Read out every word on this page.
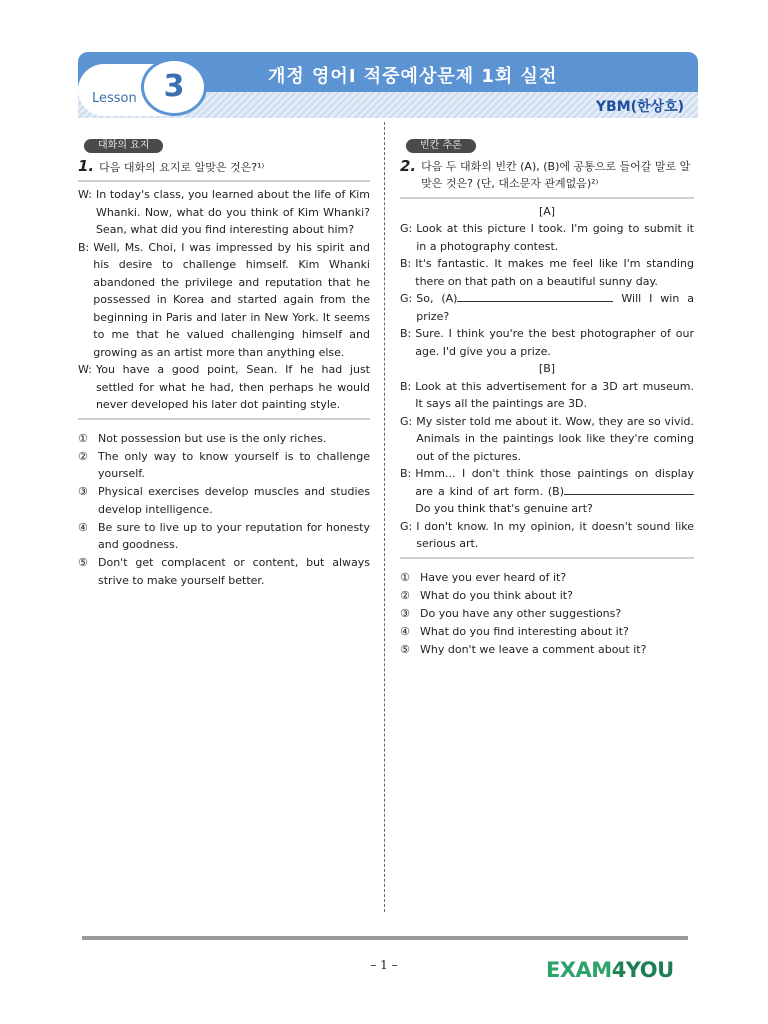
Lesson 3	개정 영어Ⅰ 적중예상문제 1회 실전
YBM(한상호)
대화의 요지
1. 다음 대화의 요지로 알맞은 것은?¹⁾
W: In today's class, you learned about the life of Kim Whanki. Now, what do you think of Kim Whanki? Sean, what did you find interesting about him?
B: Well, Ms. Choi, I was impressed by his spirit and his desire to challenge himself. Kim Whanki abandoned the privilege and reputation that he possessed in Korea and started again from the beginning in Paris and later in New York. It seems to me that he valued challenging himself and growing as an artist more than anything else.
W: You have a good point, Sean. If he had just settled for what he had, then perhaps he would never developed his later dot painting style.
① Not possession but use is the only riches.
② The only way to know yourself is to challenge yourself.
③ Physical exercises develop muscles and studies develop intelligence.
④ Be sure to live up to your reputation for honesty and goodness.
⑤ Don't get complacent or content, but always strive to make yourself better.
빈칸 추론
2. 다음 두 대화의 빈칸 (A), (B)에 공통으로 들어갈 말로 알맞은 것은? (단, 대소문자 관계없음)²⁾
[A]
G: Look at this picture I took. I'm going to submit it in a photography contest.
B: It's fantastic. It makes me feel like I'm standing there on that path on a beautiful sunny day.
G: So, (A)	Will I win a prize?
B: Sure. I think you're the best photographer of our age. I'd give you a prize.
[B]
B: Look at this advertisement for a 3D art museum. It says all the paintings are 3D.
G: My sister told me about it. Wow, they are so vivid. Animals in the paintings look like they're coming out of the pictures.
B: Hmm... I don't think those paintings on display are a kind of art form. (B) Do you think that's genuine art?
G: I don't know. In my opinion, it doesn't sound like serious art.
① Have you ever heard of it?
② What do you think about it?
③ Do you have any other suggestions?
④ What do you find interesting about it?
⑤ Why don't we leave a comment about it?
– 1 –	EXAM4YOU
